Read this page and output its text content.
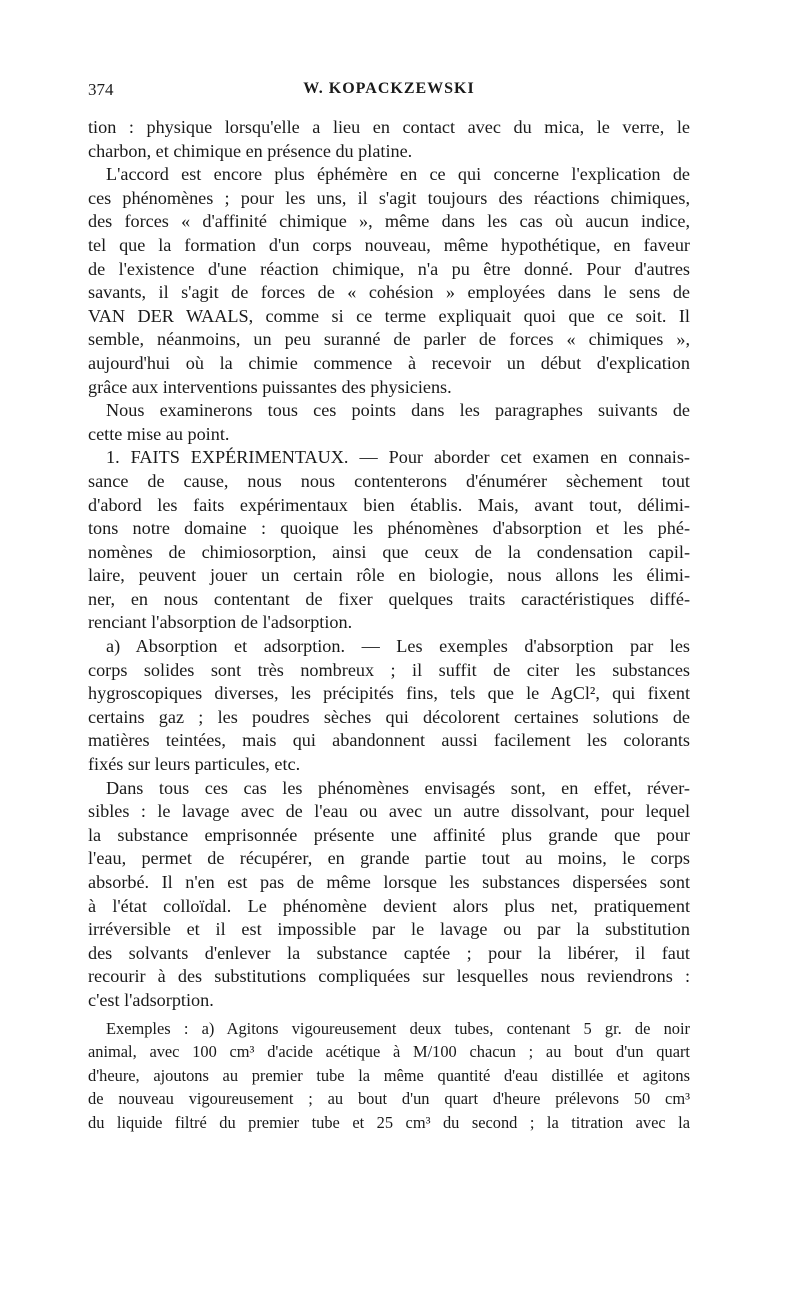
374	W. KOPACKZEWSKI
tion : physique lorsqu'elle a lieu en contact avec du mica, le verre, le
charbon, et chimique en présence du platine.
L'accord est encore plus éphémère en ce qui concerne l'explication de
ces phénomènes ; pour les uns, il s'agit toujours des réactions chimiques,
des forces « d'affinité chimique », même dans les cas où aucun indice,
tel que la formation d'un corps nouveau, même hypothétique, en faveur
de l'existence d'une réaction chimique, n'a pu être donné. Pour d'autres
savants, il s'agit de forces de « cohésion » employées dans le sens de
VAN DER WAALS, comme si ce terme expliquait quoi que ce soit. Il
semble, néanmoins, un peu suranné de parler de forces « chimiques »,
aujourd'hui où la chimie commence à recevoir un début d'explication
grâce aux interventions puissantes des physiciens.
Nous examinerons tous ces points dans les paragraphes suivants de
cette mise au point.
1. FAITS EXPÉRIMENTAUX. — Pour aborder cet examen en connais-
sance de cause, nous nous contenterons d'énumérer sèchement tout
d'abord les faits expérimentaux bien établis. Mais, avant tout, délimi-
tons notre domaine : quoique les phénomènes d'absorption et les phé-
nomènes de chimiosorption, ainsi que ceux de la condensation capil-
laire, peuvent jouer un certain rôle en biologie, nous allons les élimi-
ner, en nous contentant de fixer quelques traits caractéristiques diffé-
renciant l'absorption de l'adsorption.
a) Absorption et adsorption. — Les exemples d'absorption par les
corps solides sont très nombreux ; il suffit de citer les substances
hygroscopiques diverses, les précipités fins, tels que le AgCl², qui fixent
certains gaz ; les poudres sèches qui décolorent certaines solutions de
matières teintées, mais qui abandonnent aussi facilement les colorants
fixés sur leurs particules, etc.
Dans tous ces cas les phénomènes envisagés sont, en effet, réver-
sibles : le lavage avec de l'eau ou avec un autre dissolvant, pour lequel
la substance emprisonnée présente une affinité plus grande que pour
l'eau, permet de récupérer, en grande partie tout au moins, le corps
absorbé. Il n'en est pas de même lorsque les substances dispersées sont
à l'état colloïdal. Le phénomène devient alors plus net, pratiquement
irréversible et il est impossible par le lavage ou par la substitution
des solvants d'enlever la substance captée ; pour la libérer, il faut
recourir à des substitutions compliquées sur lesquelles nous reviendrons :
c'est l'adsorption.
Exemples : a) Agitons vigoureusement deux tubes, contenant 5 gr. de noir
animal, avec 100 cm³ d'acide acétique à M/100 chacun ; au bout d'un quart
d'heure, ajoutons au premier tube la même quantité d'eau distillée et agitons
de nouveau vigoureusement ; au bout d'un quart d'heure prélevons 50 cm³
du liquide filtré du premier tube et 25 cm³ du second ; la titration avec la
